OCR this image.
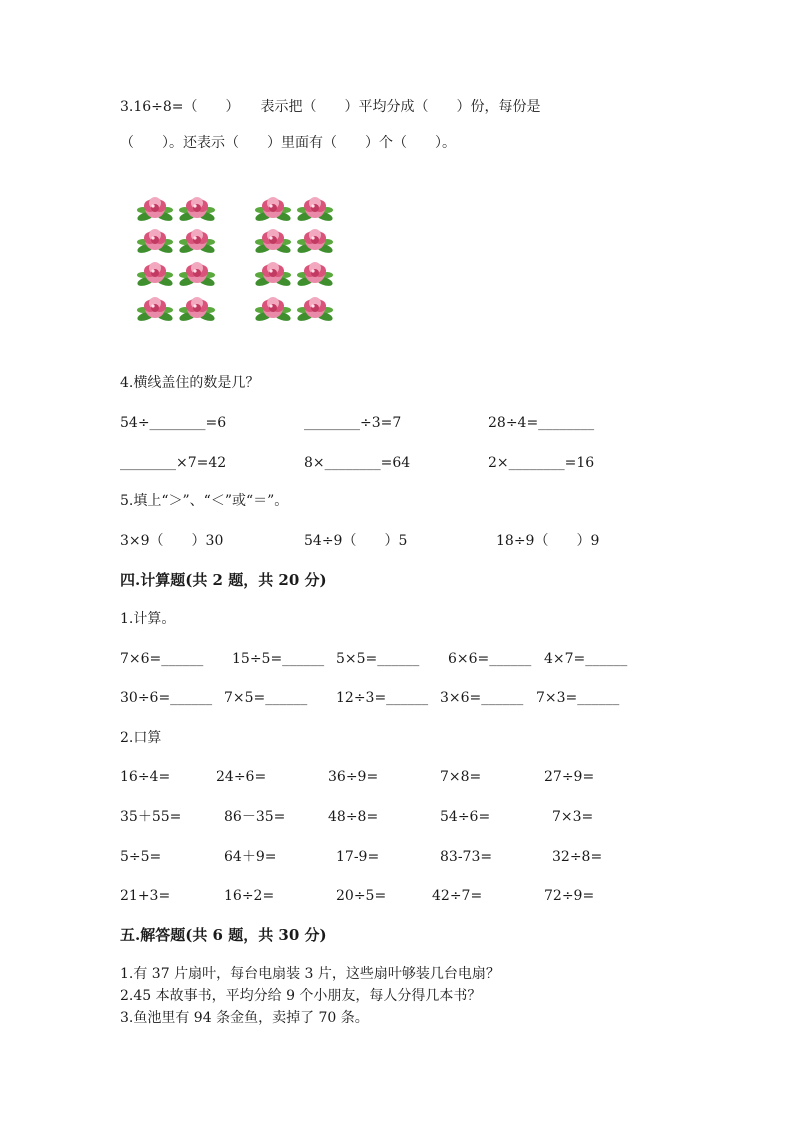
3.16÷8=（　　）　　表示把（　　）平均分成（　　）份，每份是
（　　）。还表示（　　）里面有（　　）个（　　）。
4.横线盖住的数是几？
54÷________=6	________÷3=7	28÷4=________
________×7=42	8×________=64	2×________=16
5.填上“＞”、“＜”或“＝”。
3×9（　　）30	54÷9（　　）5	18÷9（　　）9
四.计算题(共 2 题，共 20 分)
1.计算。
7×6=______ 15÷5=______ 5×5=______ 6×6=______ 4×7=______
30÷6=______ 7×5=______ 12÷3=______ 3×6=______ 7×3=______
2.口算
16÷4=	24÷6=	36÷9=	7×8=	27÷9=
35＋55=	86－35=	48÷8=	54÷6=	7×3=
5÷5=	64＋9=	17-9=	83-73=	32÷8=
21+3=	16÷2=	20÷5=	42÷7=	72÷9=
五.解答题(共 6 题，共 30 分)
1.有 37 片扇叶，每台电扇装 3 片，这些扇叶够装几台电扇？
2.45 本故事书，平均分给 9 个小朋友，每人分得几本书？
3.鱼池里有 94 条金鱼，卖掉了 70 条。
